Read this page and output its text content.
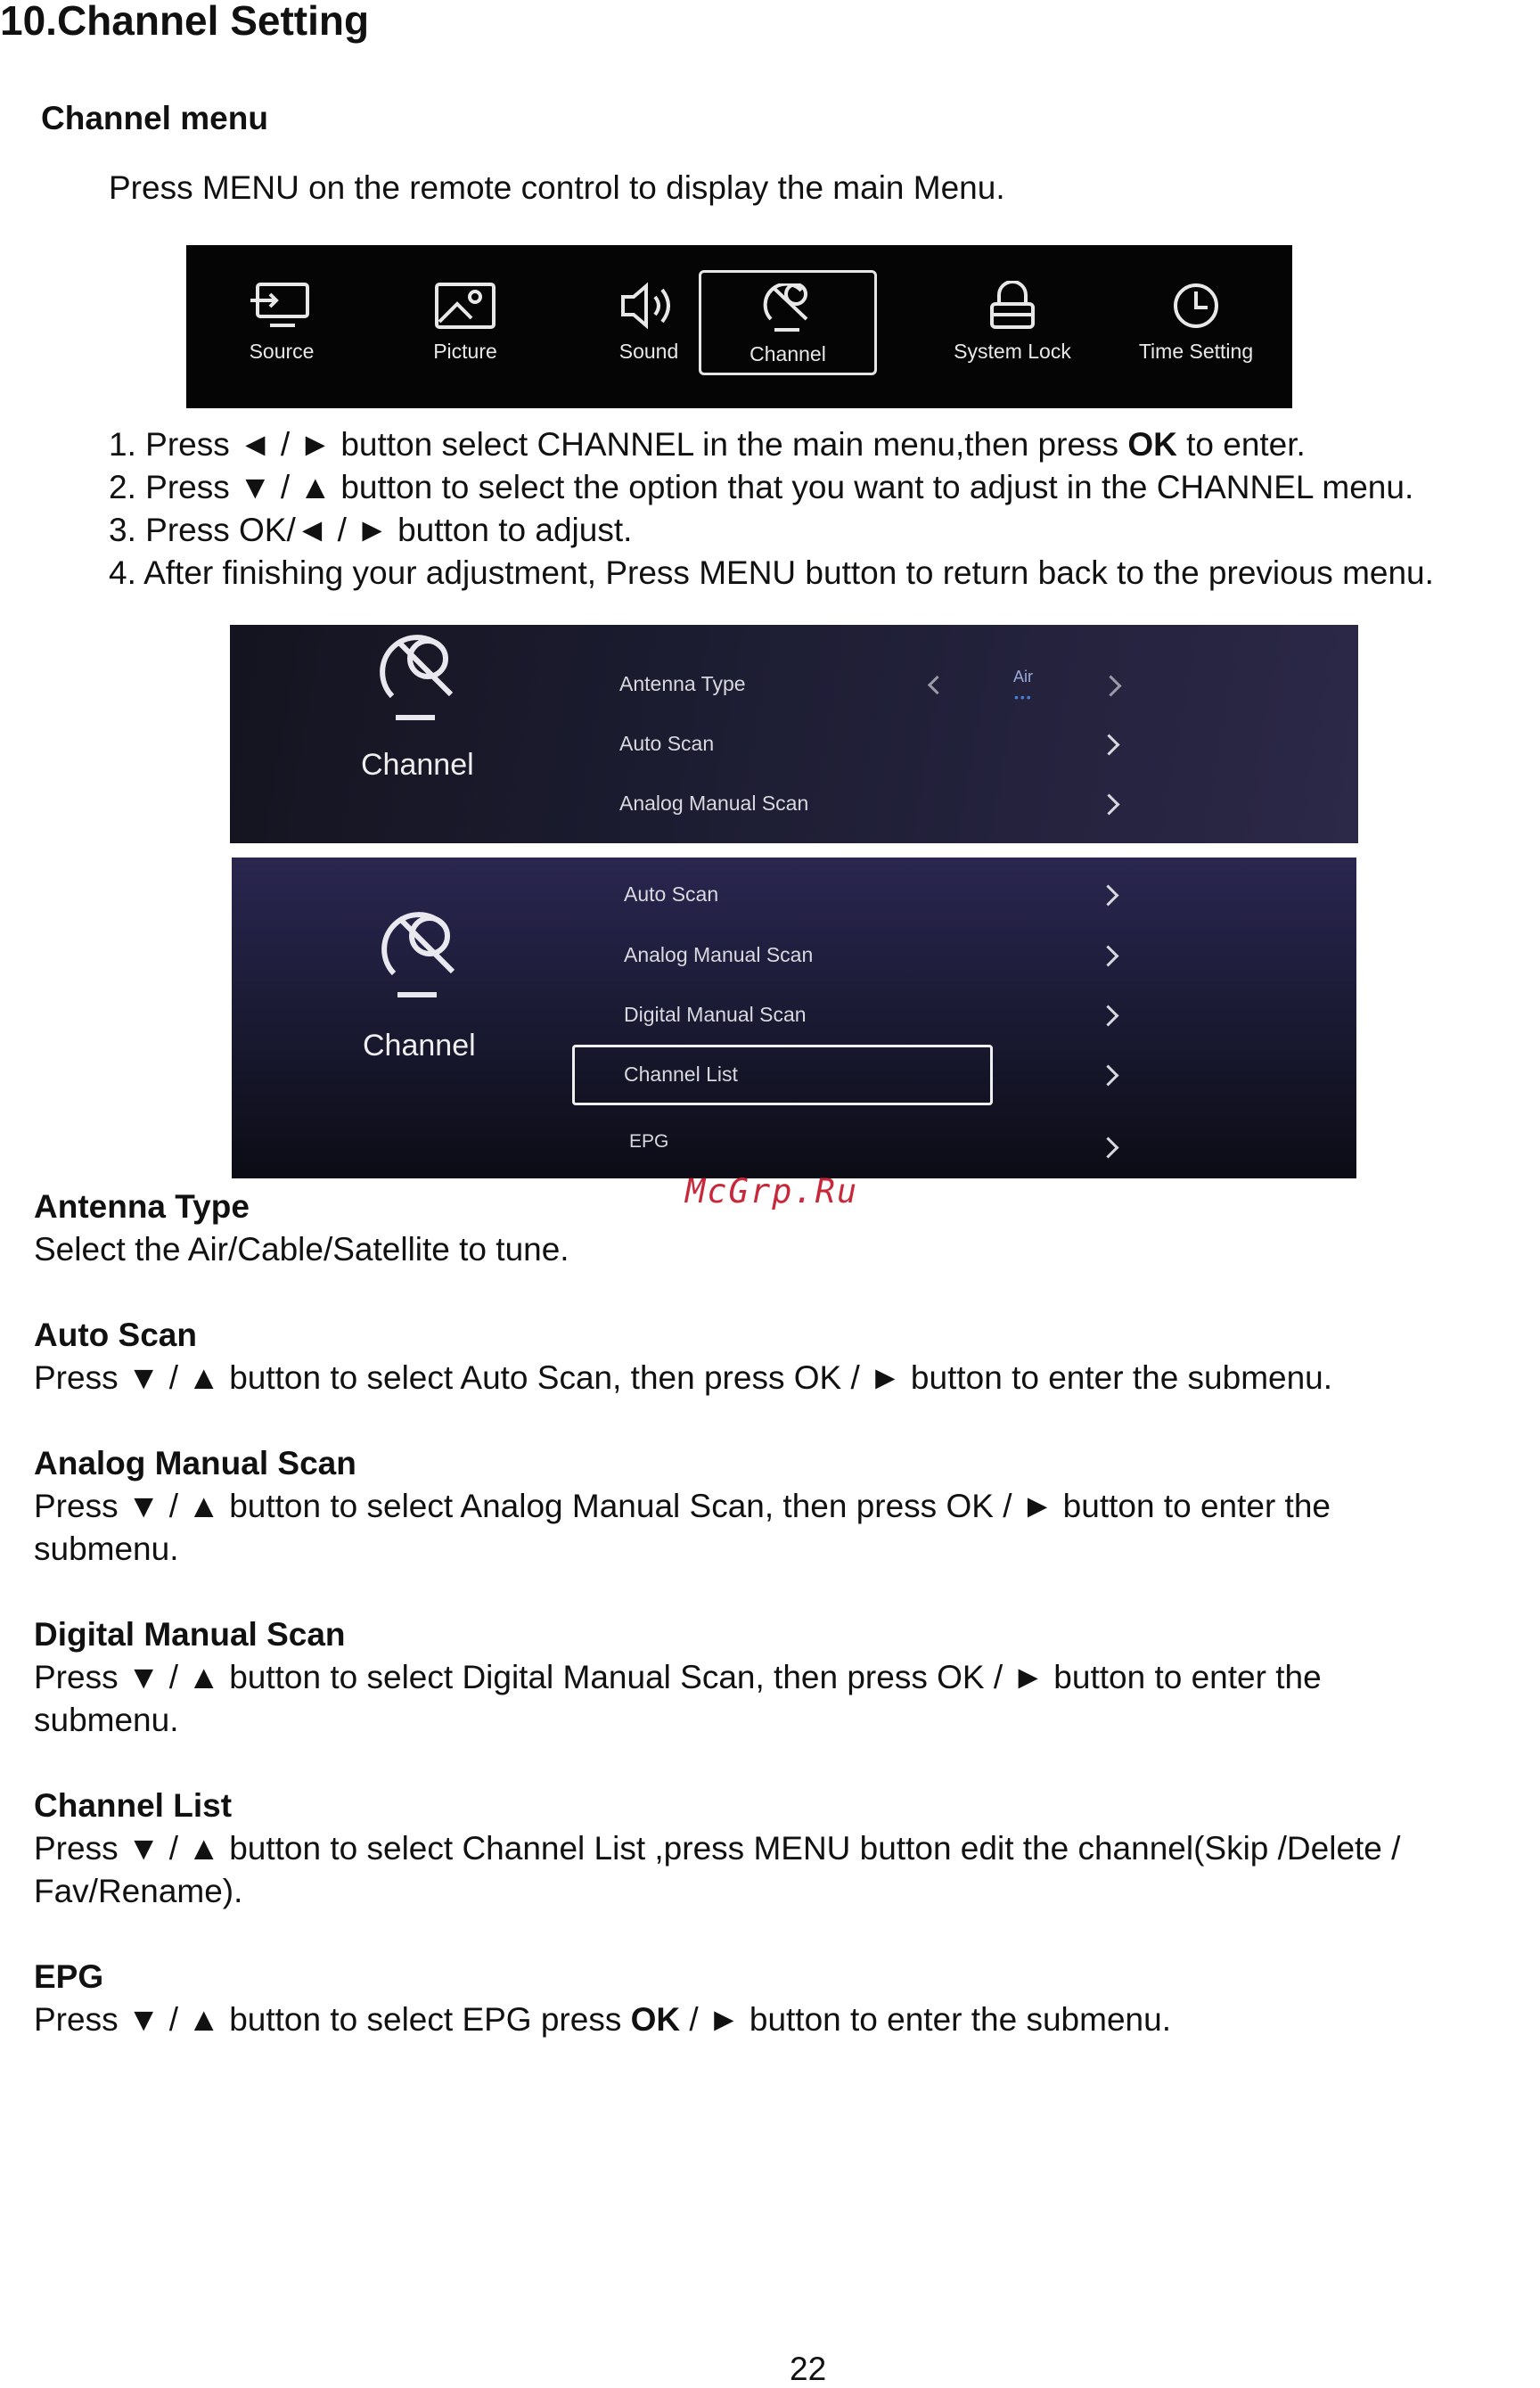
10.Channel Setting
Channel menu
Press MENU on the remote control to display the main Menu.
Source	Picture	Sound	Channel	System Lock	Time Setting
1. Press ◄ / ► button select CHANNEL in the main menu,then press OK to enter.
2. Press ▼ / ▲ button to select the option that you want to adjust in the CHANNEL menu.
3. Press OK/◄ / ► button to adjust.
4. After finishing your adjustment, Press MENU button to return back to the previous menu.
Channel
Antenna Type	Air
•••
Auto Scan
Analog Manual Scan
Channel
Auto Scan
Analog Manual Scan
Digital Manual Scan
Channel List
EPG
McGrp.Ru
Antenna Type
Select the Air/Cable/Satellite to tune.
Auto Scan
Press ▼ / ▲ button to select Auto Scan, then press OK / ► button to enter the submenu.
Analog Manual Scan
Press ▼ / ▲ button to select Analog Manual Scan, then press OK / ► button to enter the
submenu.
Digital Manual Scan
Press ▼ / ▲ button to select Digital Manual Scan, then press OK / ► button to enter the
submenu.
Channel List
Press ▼ / ▲ button to select Channel List ,press MENU button edit the channel(Skip /Delete /
Fav/Rename).
EPG
Press ▼ / ▲ button to select EPG press OK / ► button to enter the submenu.
22
